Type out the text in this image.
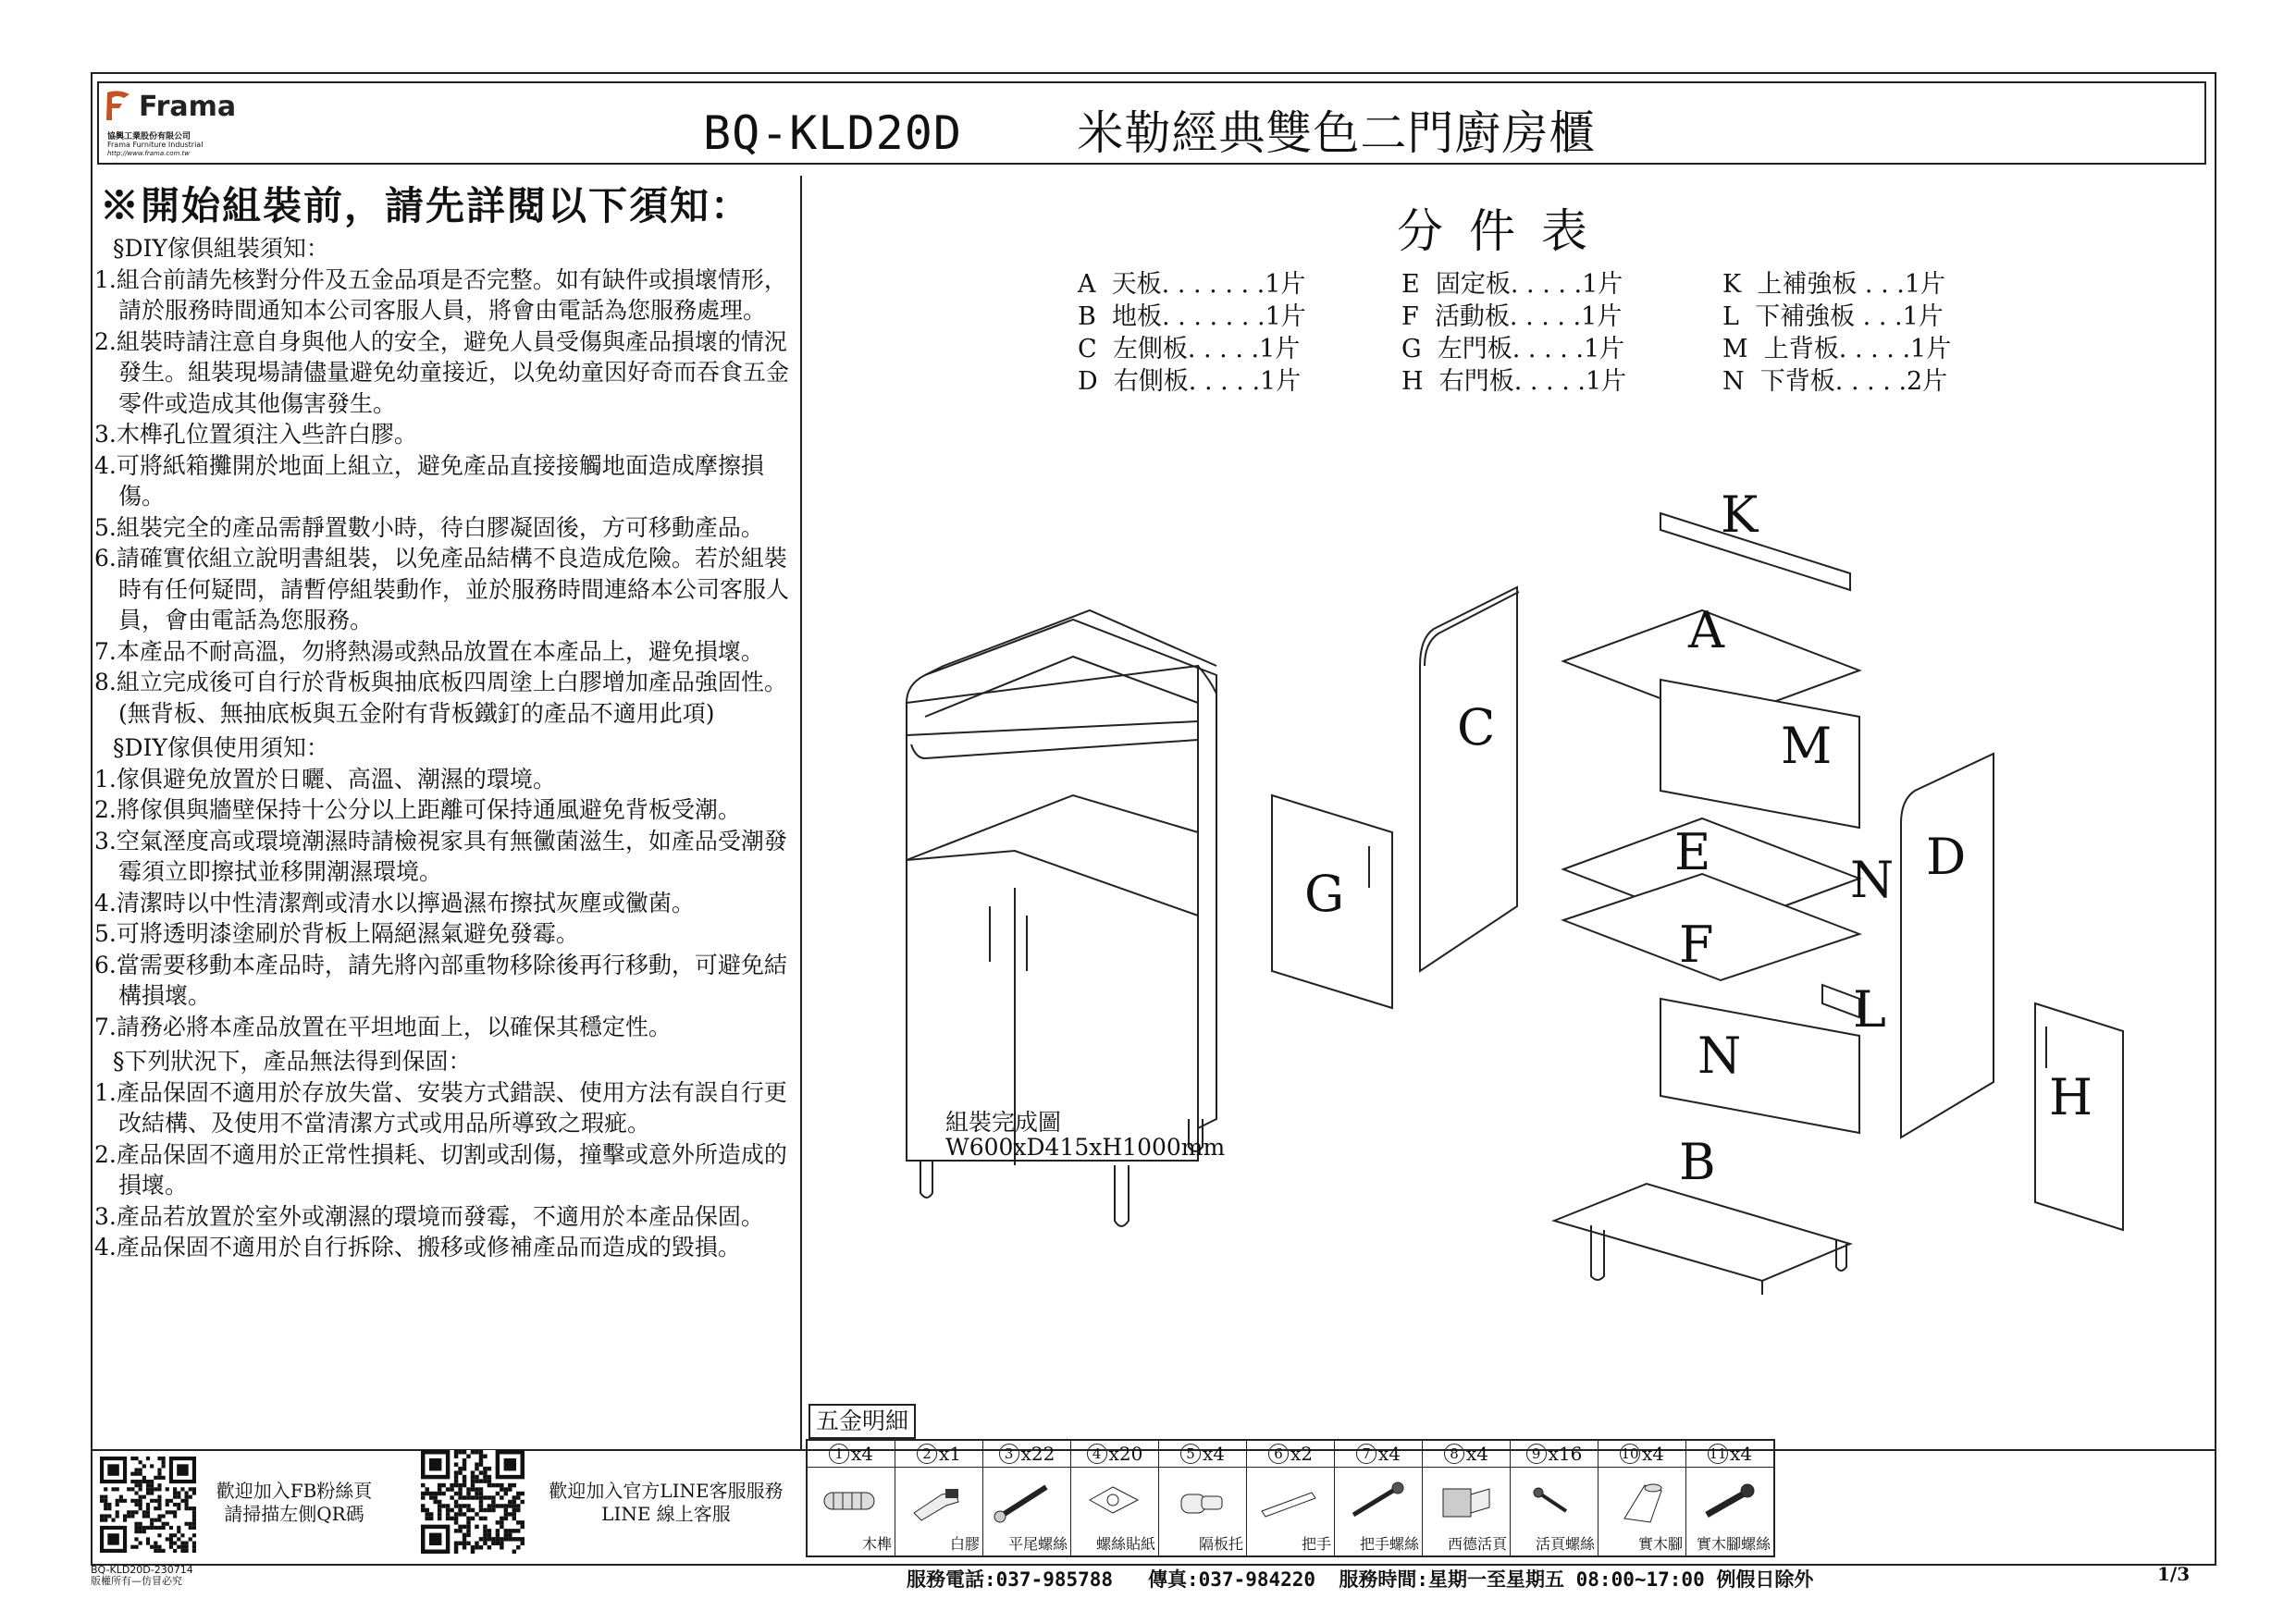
Frama
協興工業股份有限公司
Frama Furniture Industrial
http://www.frama.com.tw	BQ-KLD20D    米勒經典雙色二門廚房櫃
※開始組裝前，請先詳閱以下須知：
§DIY傢俱組裝須知：
1.組合前請先核對分件及五金品項是否完整。如有缺件或損壞情形，請於服務時間通知本公司客服人員，將會由電話為您服務處理。
2.組裝時請注意自身與他人的安全，避免人員受傷與產品損壞的情況發生。組裝現場請儘量避免幼童接近，以免幼童因好奇而吞食五金零件或造成其他傷害發生。
3.木榫孔位置須注入些許白膠。
4.可將紙箱攤開於地面上組立，避免產品直接接觸地面造成摩擦損傷。
5.組裝完全的產品需靜置數小時，待白膠凝固後，方可移動產品。
6.請確實依組立說明書組裝，以免產品結構不良造成危險。若於組裝時有任何疑問，請暫停組裝動作，並於服務時間連絡本公司客服人員，會由電話為您服務。
7.本產品不耐高溫，勿將熱湯或熱品放置在本產品上，避免損壞。
8.組立完成後可自行於背板與抽底板四周塗上白膠增加產品強固性。
(無背板、無抽底板與五金附有背板鐵釘的產品不適用此項)
§DIY傢俱使用須知：
1.傢俱避免放置於日曬、高溫、潮濕的環境。
2.將傢俱與牆壁保持十公分以上距離可保持通風避免背板受潮。
3.空氣溼度高或環境潮濕時請檢視家具有無黴菌滋生，如產品受潮發霉須立即擦拭並移開潮濕環境。
4.清潔時以中性清潔劑或清水以擰過濕布擦拭灰塵或黴菌。
5.可將透明漆塗刷於背板上隔絕濕氣避免發霉。
6.當需要移動本產品時，請先將內部重物移除後再行移動，可避免結構損壞。
7.請務必將本產品放置在平坦地面上，以確保其穩定性。
§下列狀況下，產品無法得到保固：
1.產品保固不適用於存放失當、安裝方式錯誤、使用方法有誤自行更改結構、及使用不當清潔方式或用品所導致之瑕疵。
2.產品保固不適用於正常性損耗、切割或刮傷，撞擊或意外所造成的損壞。
3.產品若放置於室外或潮濕的環境而發霉，不適用於本產品保固。
4.產品保固不適用於自行拆除、搬移或修補產品而造成的毀損。
分件表
A  天板. . . . . . .1片
B  地板. . . . . . .1片
C  左側板. . . . .1片
D  右側板. . . . .1片
E  固定板. . . . .1片
F  活動板. . . . .1片
G  左門板. . . . .1片
H  右門板. . . . .1片
K  上補強板 . . .1片
L  下補強板 . . .1片
M  上背板. . . . .1片
N  下背板. . . . .2片
組裝完成圖
W600xD415xH1000mm
K
A
C	M
E	N D
G
F
L
N
H
B
五金明細
1 x4
木榫
2 x1
白膠
3 x22
平尾螺絲
4 x20
螺絲貼紙
5 x4
隔板托
6 x2
把手
7 x4
把手螺絲
8 x4
西德活頁
9 x16
活頁螺絲
10 x4
實木腳
11 x4
實木腳螺絲
歡迎加入FB粉絲頁
請掃描左側QR碼
歡迎加入官方LINE客服服務
LINE 線上客服
BQ-KLD20D-230714
版權所有—仿冒必究	服務電話:037-985788   傳真:037-984220  服務時間:星期一至星期五 08:00~17:00 例假日除外	1/3
